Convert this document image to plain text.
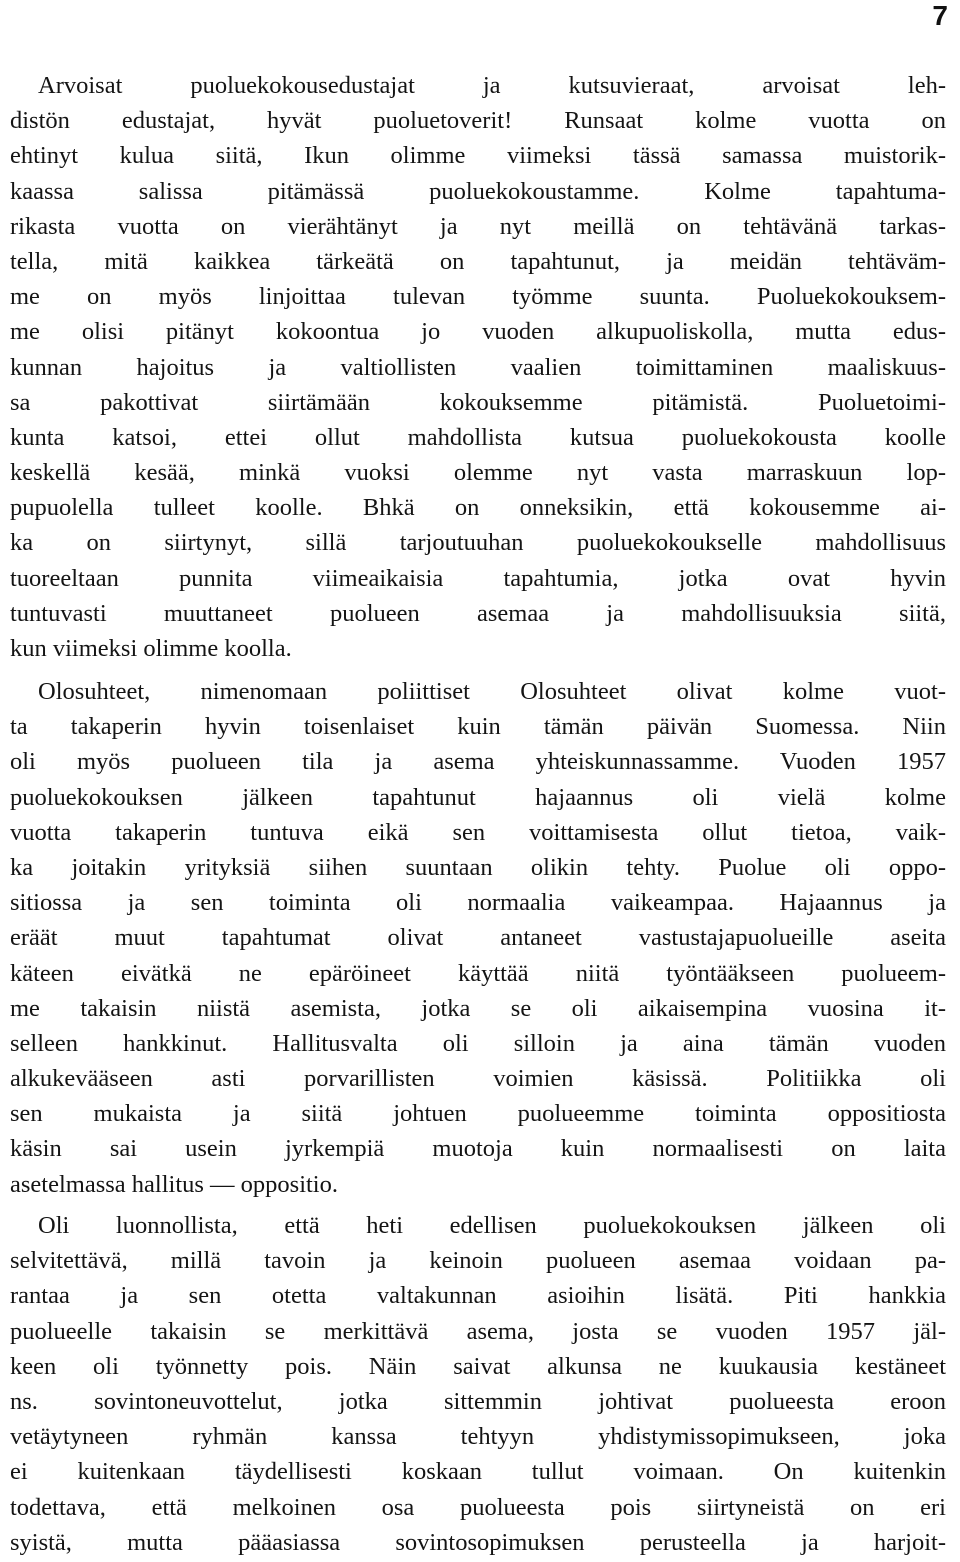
7
Arvoisat puoluekokousedustajat ja kutsuvieraat, arvoisat leh-
distön edustajat, hyvät puoluetoverit! Runsaat kolme vuotta on
ehtinyt kulua siitä, Ikun olimme viimeksi tässä samassa muistorik-
kaassa salissa pitämässä puoluekokoustamme. Kolme tapahtuma-
rikasta vuotta on vierähtänyt ja nyt meillä on tehtävänä tarkas-
tella, mitä kaikkea tärkeätä on tapahtunut, ja meidän tehtäväm-
me on myös linjoittaa tulevan työmme suunta. Puoluekokouksem-
me olisi pitänyt kokoontua jo vuoden alkupuoliskolla, mutta edus-
kunnan hajoitus ja valtiollisten vaalien toimittaminen maaliskuus-
sa pakottivat siirtämään kokouksemme pitämistä. Puoluetoimi-
kunta katsoi, ettei ollut mahdollista kutsua puoluekokousta koolle
keskellä kesää, minkä vuoksi olemme nyt vasta marraskuun lop-
pupuolella tulleet koolle. Bhkä on onneksikin, että kokousemme ai-
ka on siirtynyt, sillä tarjoutuuhan puoluekokoukselle mahdollisuus
tuoreeltaan punnita viimeaikaisia tapahtumia, jotka ovat hyvin
tuntuvasti muuttaneet puolueen asemaa ja mahdollisuuksia siitä,
kun viimeksi olimme koolla.
Olosuhteet, nimenomaan poliittiset Olosuhteet olivat kolme vuot-
ta takaperin hyvin toisenlaiset kuin tämän päivän Suomessa. Niin
oli myös puolueen tila ja asema yhteiskunnassamme. Vuoden 1957
puoluekokouksen jälkeen tapahtunut hajaannus oli vielä kolme
vuotta takaperin tuntuva eikä sen voittamisesta ollut tietoa, vaik-
ka joitakin yrityksiä siihen suuntaan olikin tehty. Puolue oli oppo-
sitiossa ja sen toiminta oli normaalia vaikeampaa. Hajaannus ja
eräät muut tapahtumat olivat antaneet vastustajapuolueille aseita
käteen eivätkä ne epäröineet käyttää niitä työntääkseen puolueem-
me takaisin niistä asemista, jotka se oli aikaisempina vuosina it-
selleen hankkinut. Hallitusvalta oli silloin ja aina tämän vuoden
alkukevääseen asti porvarillisten voimien käsissä. Politiikka oli
sen mukaista ja siitä johtuen puolueemme toiminta oppositiosta
käsin sai usein jyrkempiä muotoja kuin normaalisesti on laita
asetelmassa hallitus — oppositio.
Oli luonnollista, että heti edellisen puoluekokouksen jälkeen oli
selvitettävä, millä tavoin ja keinoin puolueen asemaa voidaan pa-
rantaa ja sen otetta valtakunnan asioihin lisätä. Piti hankkia
puolueelle takaisin se merkittävä asema, josta se vuoden 1957 jäl-
keen oli työnnetty pois. Näin saivat alkunsa ne kuukausia kestäneet
ns. sovintoneuvottelut, jotka sittemmin johtivat puolueesta eroon
vetäytyneen ryhmän kanssa tehtyyn yhdistymissopimukseen, joka
ei kuitenkaan täydellisesti koskaan tullut voimaan. On kuitenkin
todettava, että melkoinen osa puolueesta pois siirtyneistä on eri
syistä, mutta pääasiassa sovintosopimuksen perusteella ja harjoit-
